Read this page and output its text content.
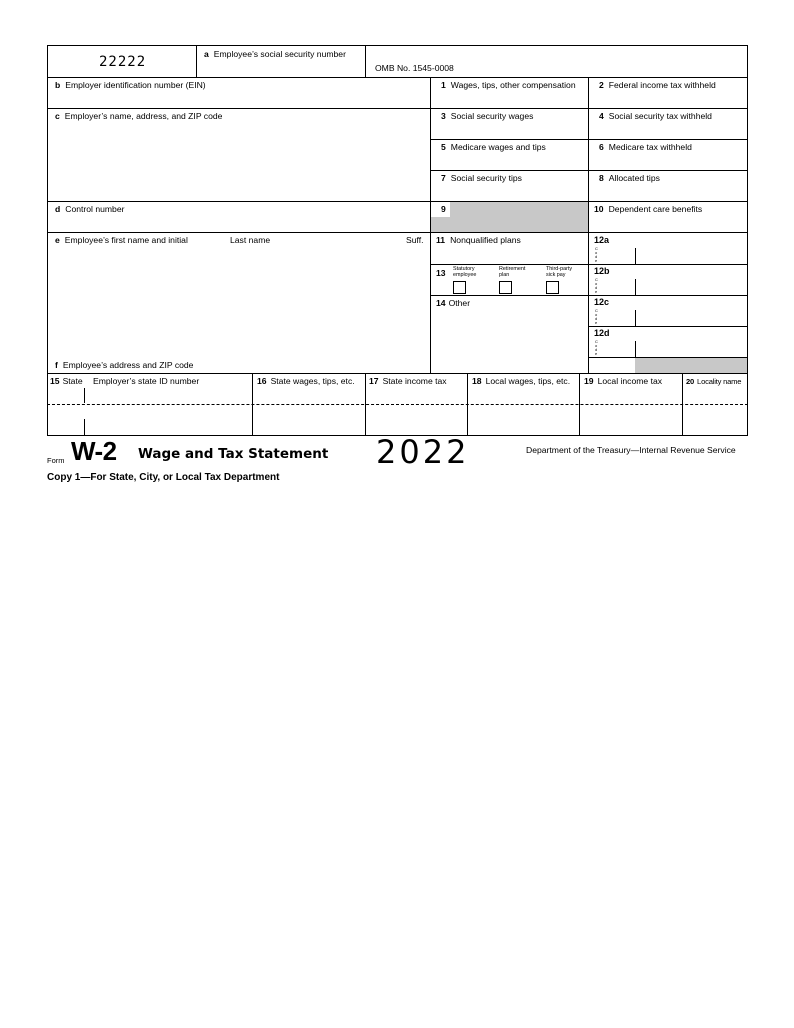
22222	a Employee’s social security number
OMB No. 1545-0008
b Employer identification number (EIN)
c Employer’s name, address, and ZIP code
d Control number
e Employee’s first name and initial	Last name	Suff.
f Employee’s address and ZIP code
1 Wages, tips, other compensation
3 Social security wages
5 Medicare wages and tips
7 Social security tips
9
11 Nonqualified plans
13 Statutory employee
Retirement plan
Third-party sick pay
14 Other
2 Federal income tax withheld
4 Social security tax withheld
6 Medicare tax withheld
8 Allocated tips
10 Dependent care benefits
12a
C o d e
12b
C o d e
12c
C o d e
12d
C o d e
15 State Employer’s state ID number	16 State wages, tips, etc. 17 State income tax	18 Local wages, tips, etc. 19 Local income tax	20 Locality name
Form W-2 Wage and Tax Statement 2022	Department of the Treasury—Internal Revenue Service
Copy 1—For State, City, or Local Tax Department
